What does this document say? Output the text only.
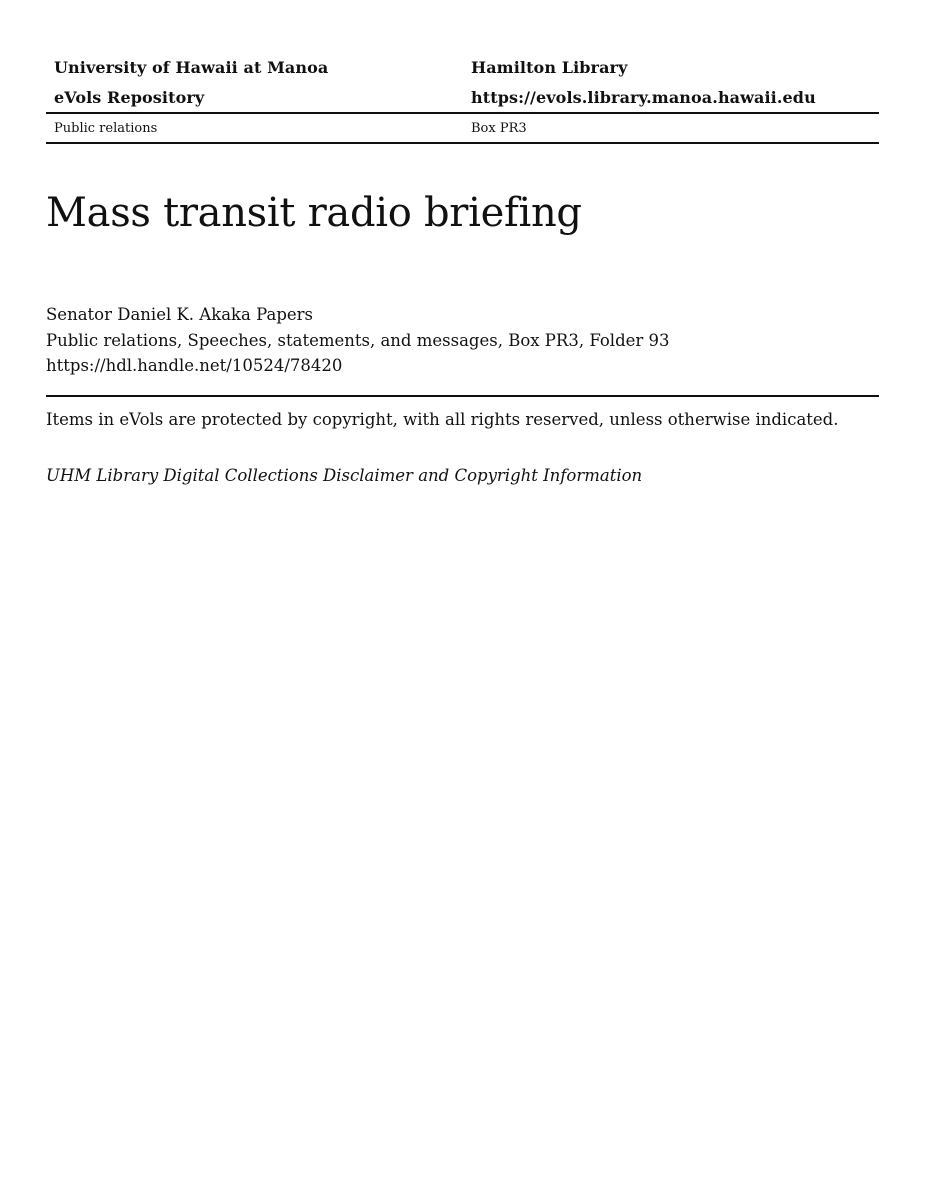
University of Hawaii at Manoa	Hamilton Library
eVols Repository	https://evols.library.manoa.hawaii.edu
Public relations	Box PR3
Mass transit radio briefing
Senator Daniel K. Akaka Papers
Public relations, Speeches, statements, and messages, Box PR3, Folder 93
https://hdl.handle.net/10524/78420
Items in eVols are protected by copyright, with all rights reserved, unless otherwise indicated.
UHM Library Digital Collections Disclaimer and Copyright Information
